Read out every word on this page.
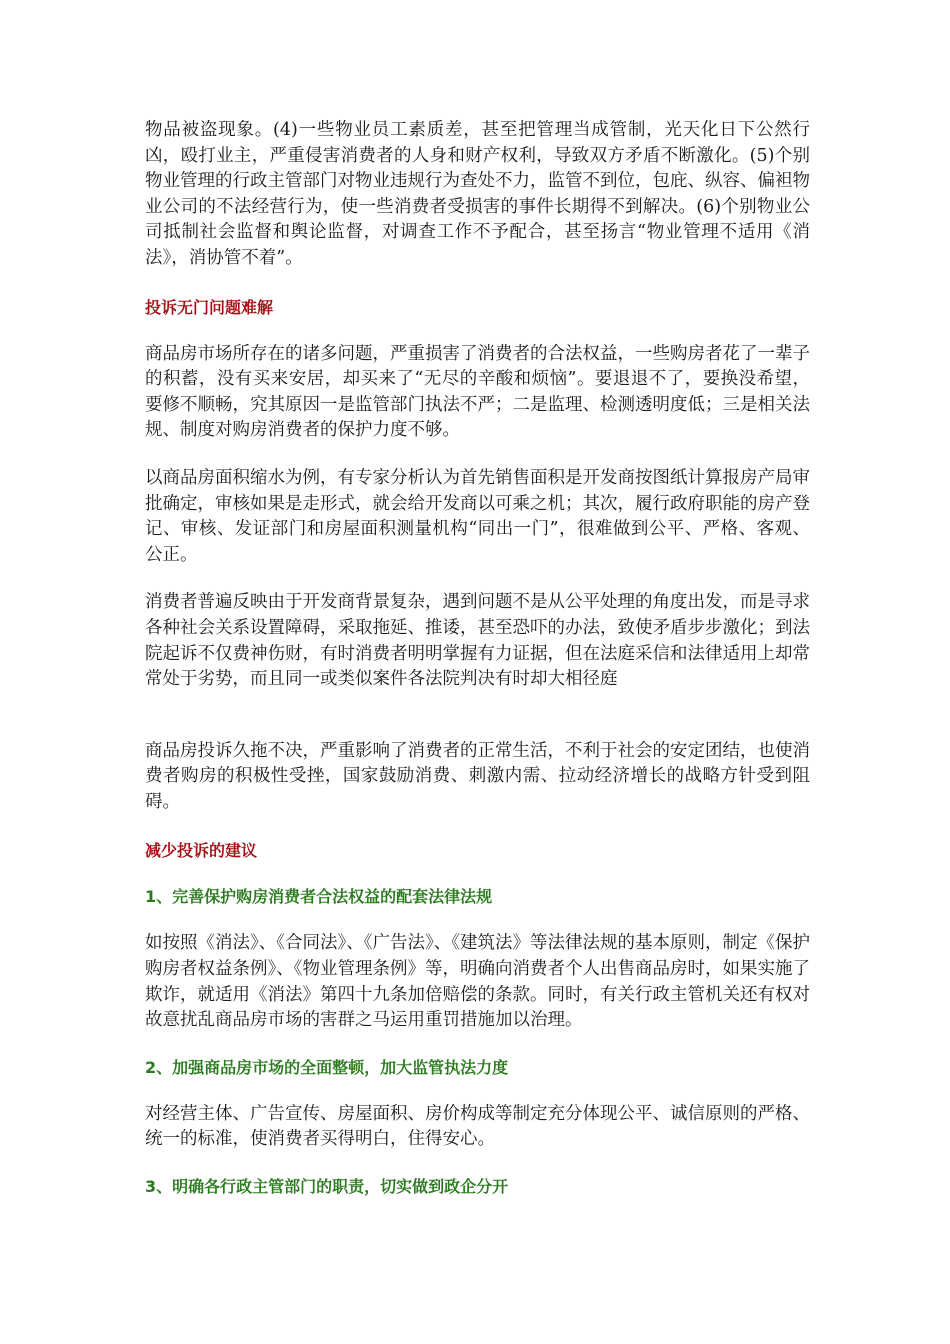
物品被盗现象。(4)一些物业员工素质差，甚至把管理当成管制，光天化日下公然行凶，殴打业主，严重侵害消费者的人身和财产权利，导致双方矛盾不断激化。(5)个别物业管理的行政主管部门对物业违规行为查处不力，监管不到位，包庇、纵容、偏袒物业公司的不法经营行为，使一些消费者受损害的事件长期得不到解决。(6)个别物业公司抵制社会监督和舆论监督，对调查工作不予配合，甚至扬言“物业管理不适用《消法》，消协管不着”。

投诉无门问题难解

商品房市场所存在的诸多问题，严重损害了消费者的合法权益，一些购房者花了一辈子的积蓄，没有买来安居，却买来了“无尽的辛酸和烦恼”。要退退不了，要换没希望，要修不顺畅，究其原因一是监管部门执法不严；二是监理、检测透明度低；三是相关法规、制度对购房消费者的保护力度不够。

以商品房面积缩水为例，有专家分析认为首先销售面积是开发商按图纸计算报房产局审批确定，审核如果是走形式，就会给开发商以可乘之机；其次，履行政府职能的房产登记、审核、发证部门和房屋面积测量机构“同出一门”，很难做到公平、严格、客观、公正。

消费者普遍反映由于开发商背景复杂，遇到问题不是从公平处理的角度出发，而是寻求各种社会关系设置障碍，采取拖延、推诿，甚至恐吓的办法，致使矛盾步步激化；到法院起诉不仅费神伤财，有时消费者明明掌握有力证据，但在法庭采信和法律适用上却常常处于劣势，而且同一或类似案件各法院判决有时却大相径庭

商品房投诉久拖不决，严重影响了消费者的正常生活，不利于社会的安定团结，也使消费者购房的积极性受挫，国家鼓励消费、刺激内需、拉动经济增长的战略方针受到阻碍。

减少投诉的建议
1、完善保护购房消费者合法权益的配套法律法规

如按照《消法》、《合同法》、《广告法》、《建筑法》等法律法规的基本原则，制定《保护购房者权益条例》、《物业管理条例》等，明确向消费者个人出售商品房时，如果实施了欺诈，就适用《消法》第四十九条加倍赔偿的条款。同时，有关行政主管机关还有权对故意扰乱商品房市场的害群之马运用重罚措施加以治理。

2、加强商品房市场的全面整顿，加大监管执法力度

对经营主体、广告宣传、房屋面积、房价构成等制定充分体现公平、诚信原则的严格、统一的标准，使消费者买得明白，住得安心。

3、明确各行政主管部门的职责，切实做到政企分开
